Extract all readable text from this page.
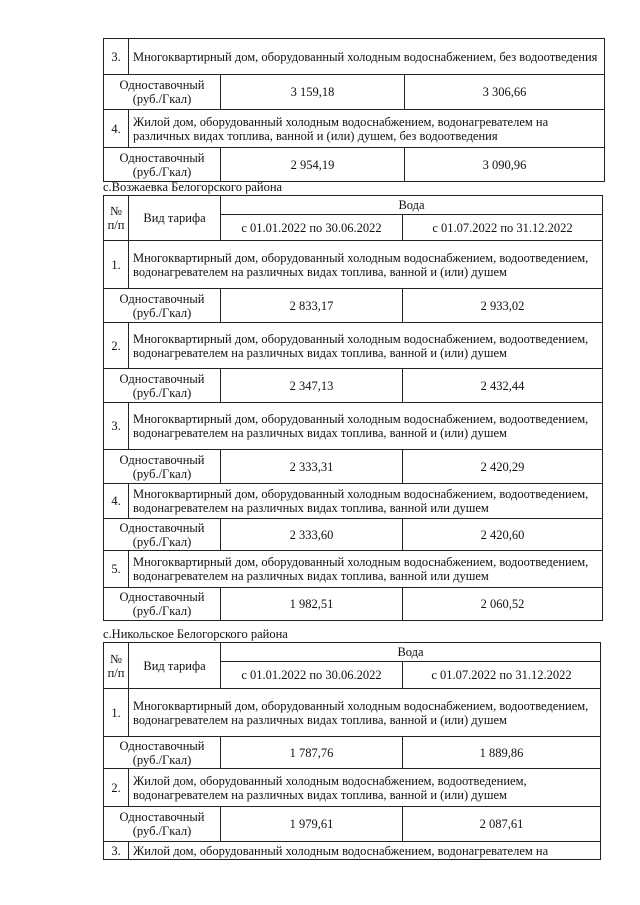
3.	Многоквартирный дом, оборудованный холодным водоснабжением, без водоотведения		
Одноставочный
(руб./Гкал)		3 159,18	3 306,66
4.	Жилой дом, оборудованный холодным водоснабжением, водонагревателем на различных видах топлива, ванной и (или) душем, без водоотведения		
Одноставочный
(руб./Гкал)		2 954,19	3 090,96
с.Возжаевка Белогорского района
№
п/п	Вид тарифа	Вода	
		с 01.01.2022 по 30.06.2022	с 01.07.2022 по 31.12.2022
1.	Многоквартирный дом, оборудованный холодным водоснабжением, водоотведением, водонагревателем на различных видах топлива, ванной и (или) душем		
Одноставочный
(руб./Гкал)		2 833,17	2 933,02
2.	Многоквартирный дом, оборудованный холодным водоснабжением, водоотведением, водонагревателем на различных видах топлива, ванной и (или) душем		
Одноставочный
(руб./Гкал)		2 347,13	2 432,44
3.	Многоквартирный дом, оборудованный холодным водоснабжением, водоотведением, водонагревателем на различных видах топлива, ванной и (или) душем		
Одноставочный
(руб./Гкал)		2 333,31	2 420,29
4.	Многоквартирный дом, оборудованный холодным водоснабжением, водоотведением, водонагревателем на различных видах топлива, ванной или душем		
Одноставочный
(руб./Гкал)		2 333,60	2 420,60
5.	Многоквартирный дом, оборудованный холодным водоснабжением, водоотведением, водонагревателем на различных видах топлива, ванной или душем		
Одноставочный
(руб./Гкал)		1 982,51	2 060,52
с.Никольское Белогорского района
№
п/п	Вид тарифа	Вода	
		с 01.01.2022 по 30.06.2022	с 01.07.2022 по 31.12.2022
1.	Многоквартирный дом, оборудованный холодным водоснабжением, водоотведением, водонагревателем на различных видах топлива, ванной и (или) душем		
Одноставочный
(руб./Гкал)		1 787,76	1 889,86
2.	Жилой дом, оборудованный холодным водоснабжением, водоотведением, водонагревателем на различных видах топлива, ванной и (или) душем		
Одноставочный
(руб./Гкал)		1 979,61	2 087,61
3.	Жилой дом, оборудованный холодным водоснабжением, водонагревателем на		
